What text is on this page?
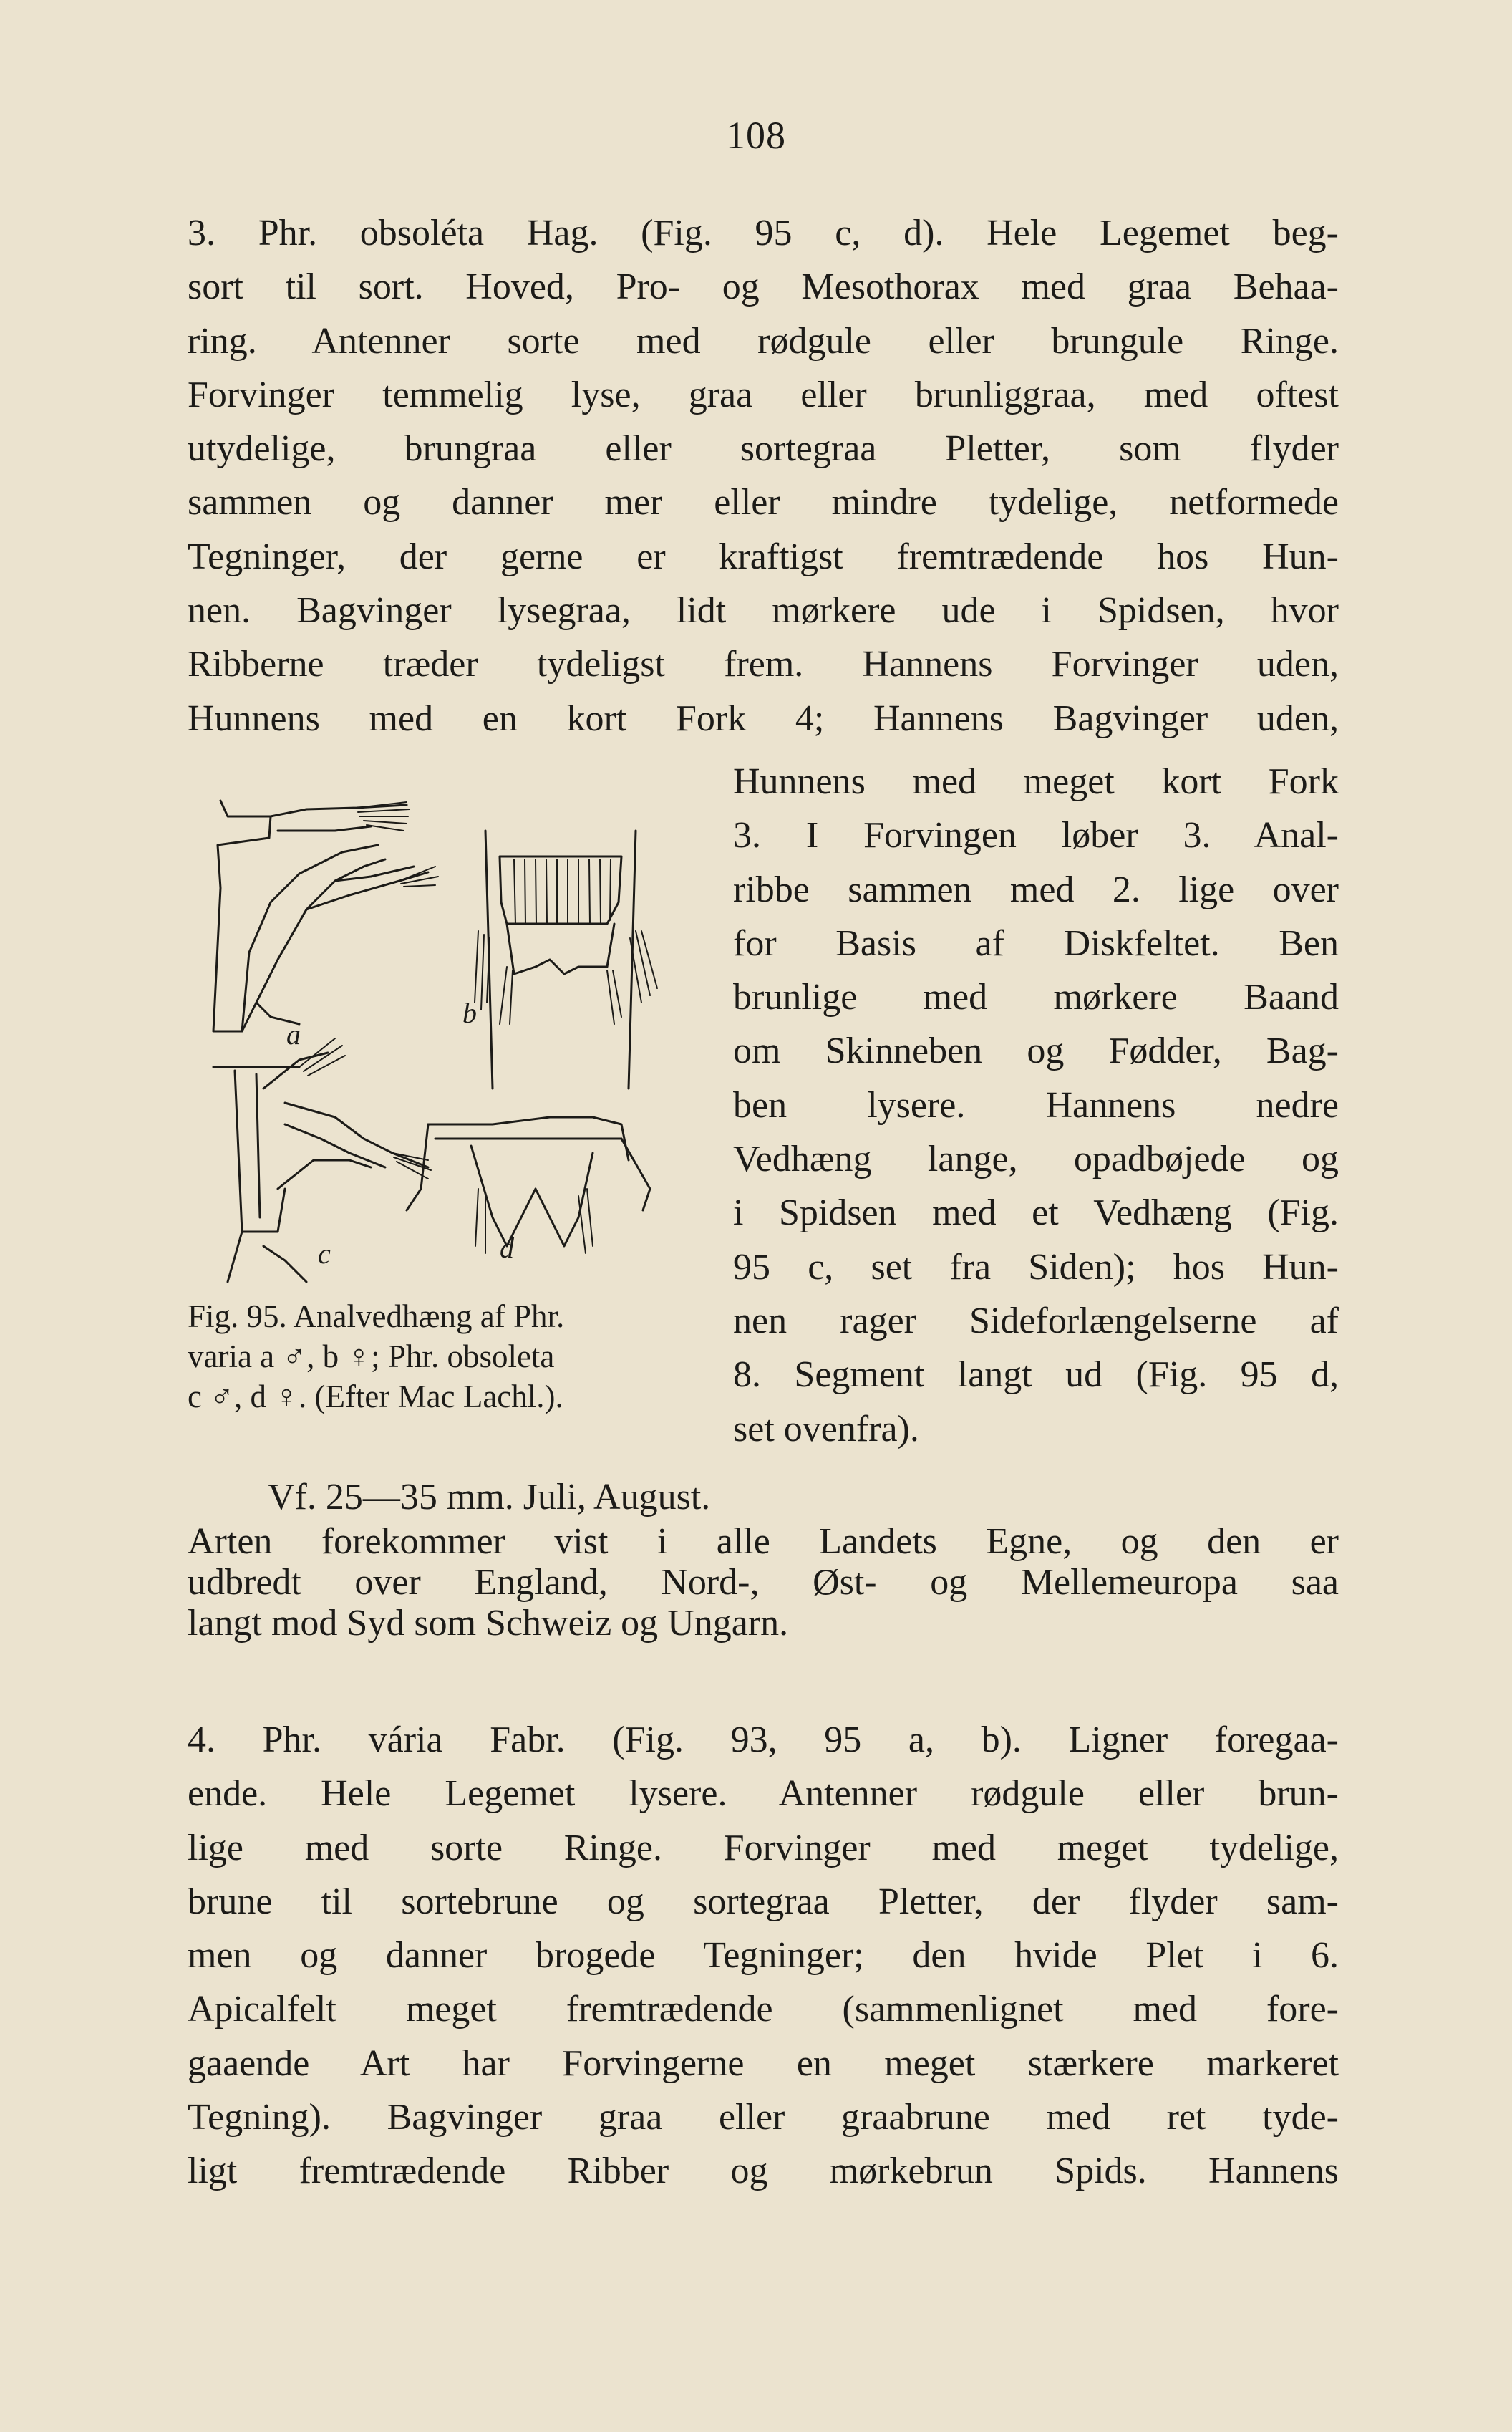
108
3. Phr. obsoléta Hag. (Fig. 95 c, d). Hele Legemet beg-
sort til sort. Hoved, Pro- og Mesothorax med graa Behaa-
ring. Antenner sorte med rødgule eller brungule Ringe.
Forvinger temmelig lyse, graa eller brunliggraa, med oftest
utydelige, brungraa eller sortegraa Pletter, som flyder
sammen og danner mer eller mindre tydelige, netformede
Tegninger, der gerne er kraftigst fremtrædende hos Hun-
nen. Bagvinger lysegraa, lidt mørkere ude i Spidsen, hvor
Ribberne træder tydeligst frem. Hannens Forvinger uden,
Hunnens med en kort Fork 4; Hannens Bagvinger uden,
Hunnens med meget kort Fork
3. I Forvingen løber 3. Anal-
ribbe sammen med 2. lige over
for Basis af Diskfeltet. Ben
brunlige med mørkere Baand
om Skinneben og Fødder, Bag-
ben lysere. Hannens nedre
Vedhæng lange, opadbøjede og
i Spidsen med et Vedhæng (Fig.
95 c, set fra Siden); hos Hun-
nen rager Sideforlængelserne af
8. Segment langt ud (Fig. 95 d,
set ovenfra).
a
b
c	d
Fig. 95. Analvedhæng af Phr.
varia a ♂, b ♀; Phr. obsoleta
c ♂, d ♀. (Efter Mac Lachl.).
Vf. 25—35 mm. Juli, August.
Arten forekommer vist i alle Landets Egne, og den er
udbredt over England, Nord-, Øst- og Mellemeuropa saa
langt mod Syd som Schweiz og Ungarn.
4. Phr. vária Fabr. (Fig. 93, 95 a, b). Ligner foregaa-
ende. Hele Legemet lysere. Antenner rødgule eller brun-
lige med sorte Ringe. Forvinger med meget tydelige,
brune til sortebrune og sortegraa Pletter, der flyder sam-
men og danner brogede Tegninger; den hvide Plet i 6.
Apicalfelt meget fremtrædende (sammenlignet med fore-
gaaende Art har Forvingerne en meget stærkere markeret
Tegning). Bagvinger graa eller graabrune med ret tyde-
ligt fremtrædende Ribber og mørkebrun Spids. Hannens
